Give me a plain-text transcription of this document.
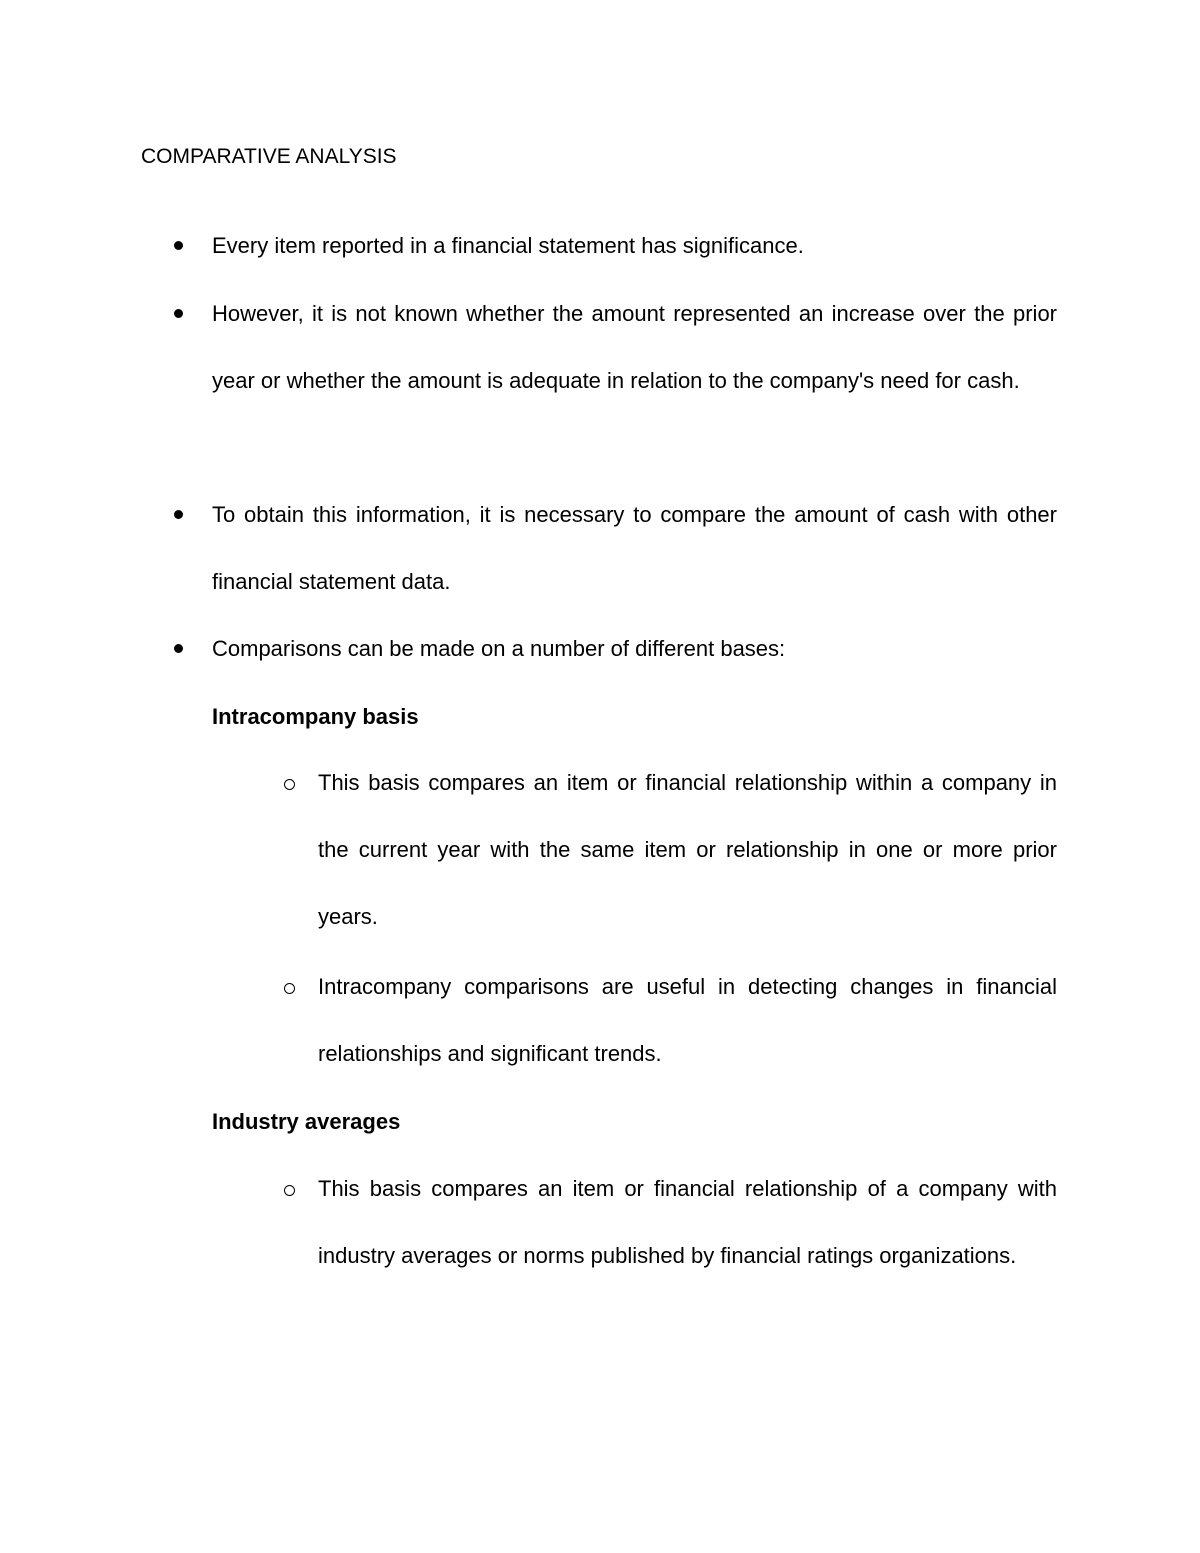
COMPARATIVE ANALYSIS

Every item reported in a financial statement has significance.

However, it is not known whether the amount represented an increase over the prior year or whether the amount is adequate in relation to the company's need for cash.

To obtain this information, it is necessary to compare the amount of cash with other financial statement data.

Comparisons can be made on a number of different bases:

Intracompany basis

This basis compares an item or financial relationship within a company in the current year with the same item or relationship in one or more prior years.

Intracompany comparisons are useful in detecting changes in financial relationships and significant trends.

Industry averages

This basis compares an item or financial relationship of a company with industry averages or norms published by financial ratings organizations.
